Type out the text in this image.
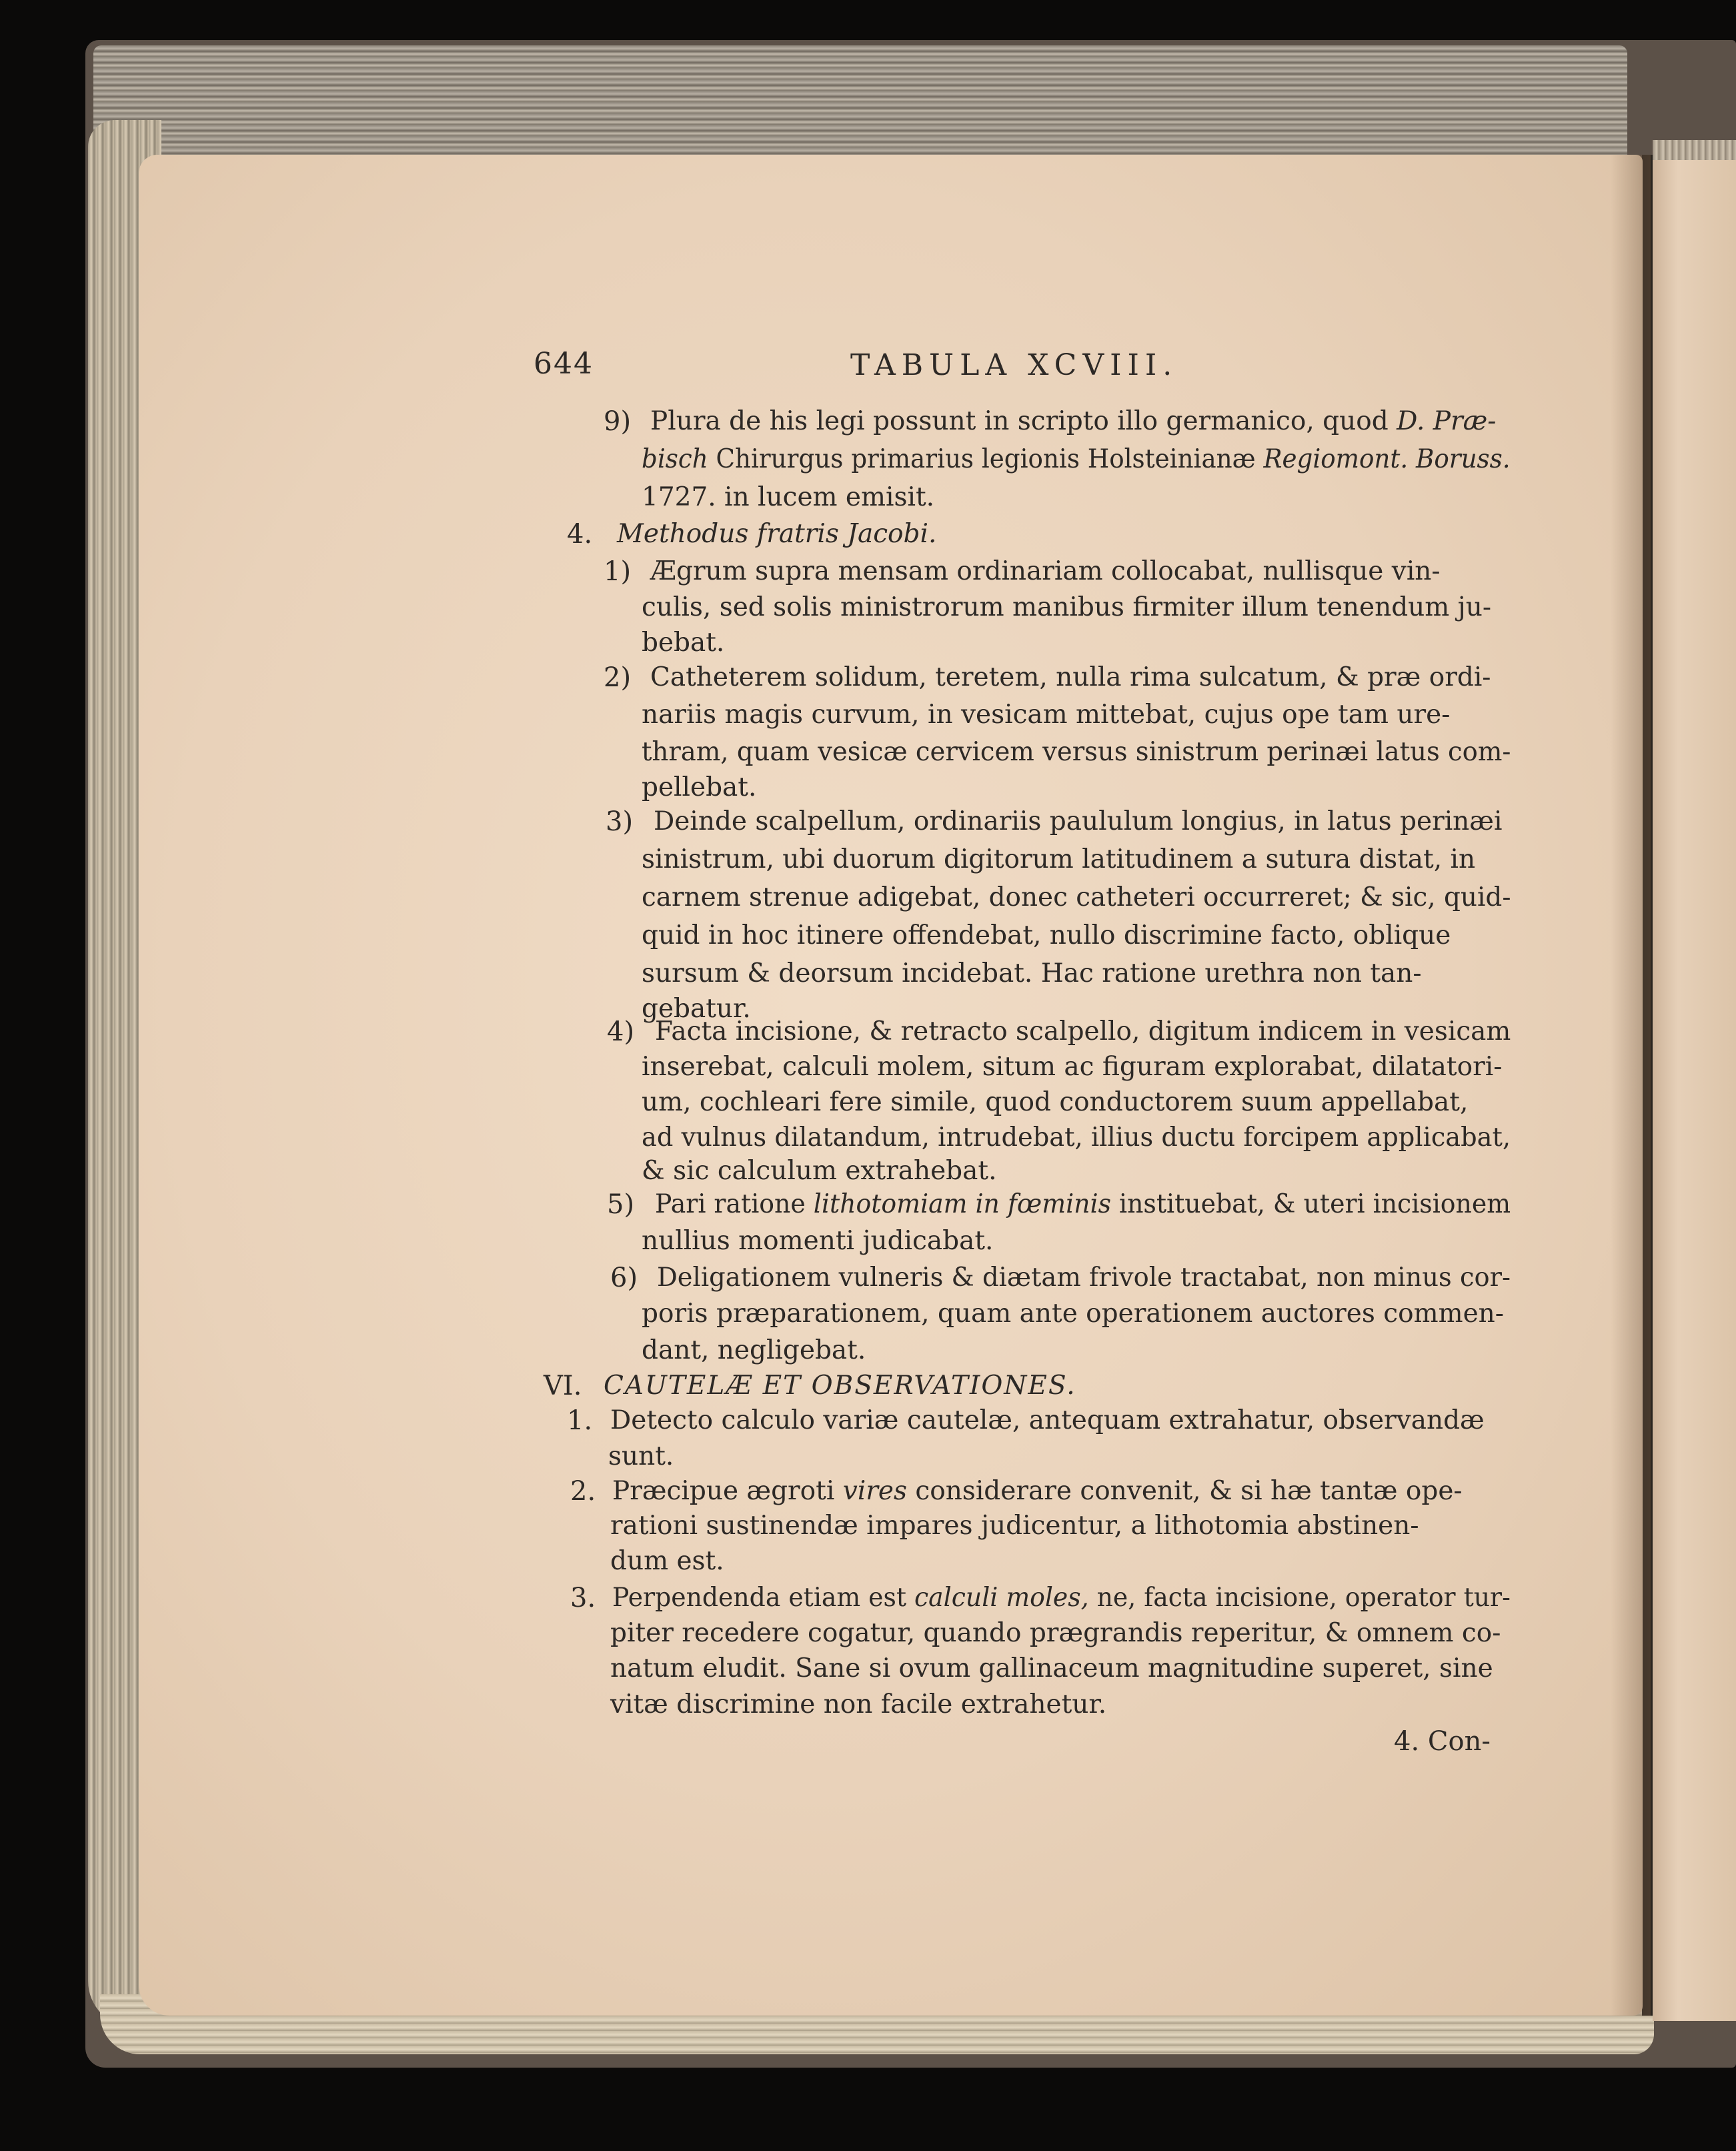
644	TABULA XCVIII.
9) Plura de his legi possunt in scripto illo germanico, quod D. Præ-
bisch Chirurgus primarius legionis Holsteinianæ Regiomont. Boruss.
1727. in lucem emisit.
4. Methodus fratris Jacobi.
1) Ægrum supra mensam ordinariam collocabat, nullisque vin-
culis, sed solis ministrorum manibus firmiter illum tenendum ju-
bebat.
2) Catheterem solidum, teretem, nulla rima sulcatum, & præ ordi-
nariis magis curvum, in vesicam mittebat, cujus ope tam ure-
thram, quam vesicæ cervicem versus sinistrum perinæi latus com-
pellebat.
3) Deinde scalpellum, ordinariis paululum longius, in latus perinæi
sinistrum, ubi duorum digitorum latitudinem a sutura distat, in
carnem strenue adigebat, donec catheteri occurreret; & sic, quid-
quid in hoc itinere offendebat, nullo discrimine facto, oblique
sursum & deorsum incidebat. Hac ratione urethra non tan-
gebatur.
4) Facta incisione, & retracto scalpello, digitum indicem in vesicam
inserebat, calculi molem, situm ac figuram explorabat, dilatatori-
um, cochleari fere simile, quod conductorem suum appellabat,
ad vulnus dilatandum, intrudebat, illius ductu forcipem applicabat,
& sic calculum extrahebat.
5) Pari ratione lithotomiam in fœminis instituebat, & uteri incisionem
nullius momenti judicabat.
6) Deligationem vulneris & diætam frivole tractabat, non minus cor-
poris præparationem, quam ante operationem auctores commen-
dant, negligebat.
VI. CAUTELÆ ET OBSERVATIONES.
1. Detecto calculo variæ cautelæ, antequam extrahatur, observandæ
sunt.
2. Præcipue ægroti vires considerare convenit, & si hæ tantæ ope-
rationi sustinendæ impares judicentur, a lithotomia abstinen-
dum est.
3. Perpendenda etiam est calculi moles, ne, facta incisione, operator tur-
piter recedere cogatur, quando prægrandis reperitur, & omnem co-
natum eludit. Sane si ovum gallinaceum magnitudine superet, sine
vitæ discrimine non facile extrahetur.
4. Con-
